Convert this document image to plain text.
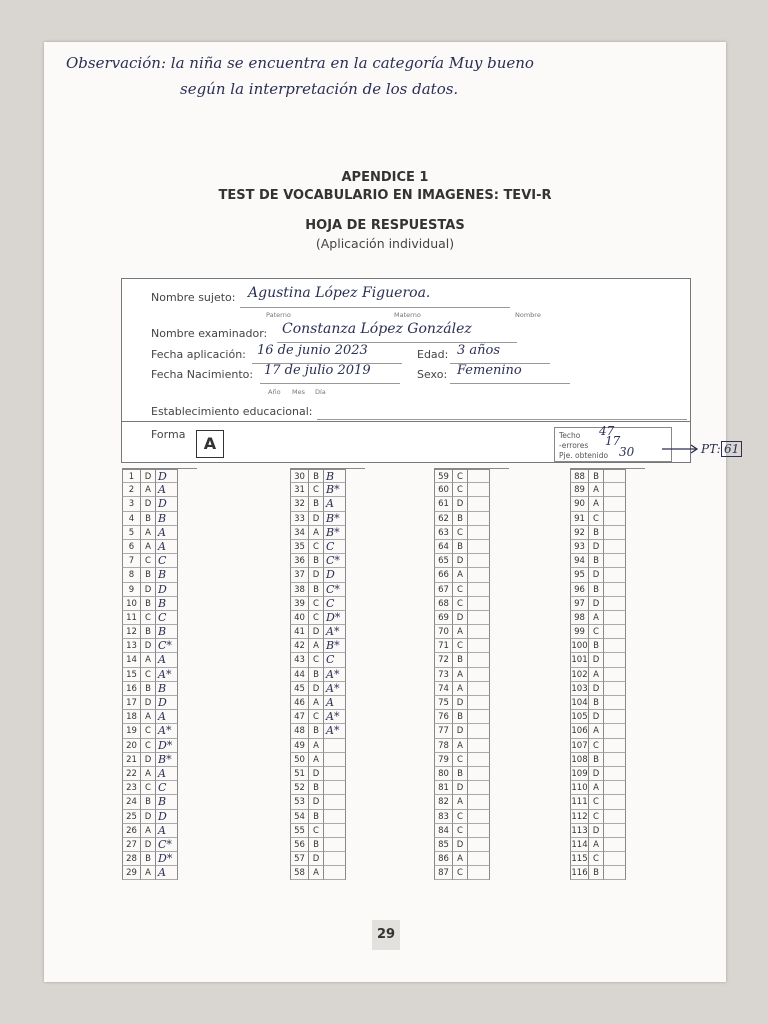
Observación: la niña se encuentra en la categoría Muy bueno
según la interpretación de los datos.
APENDICE 1
TEST DE VOCABULARIO EN IMAGENES: TEVI-R
HOJA DE RESPUESTAS
(Aplicación individual)
Nombre sujeto: Agustina López Figueroa.
Paterno	Materno	Nombre
Nombre examinador: Constanza López González
Fecha aplicación: 16 de junio 2023	Edad: 3 años
Fecha Nacimiento: 17 de julio 2019
Año Mes Día
Sexo: Femenino
Establecimiento educacional:
Forma	A	Techo 47
-errores 17
Pje. obtenido 30	PT: 61
1	D D
2	A A
3	D D
4	B B
5	A A
6	A A
7	C C
8	B B
9	D D
10 B B
11 C C
12 B B
13 D C*
14 A A
15 C A*
16 B B
17 D D
18 A A
19 C A*
20 C D*
21 D B*
22 A A
23 C C
24 B B
25 D D
26 A A
27 D C*
28 B D*
29 A A
30 B B
31 C B*
32 B A
33 D B*
34 A B*
35 C C
36 B C*
37 D D
38 B C*
39 C C
40 C D*
41 D A*
42 A B*
43 C C
44 B A*
45 D A*
46 A A
47 C A*
48 B A*
49 A
50 A
51 D
52 B
53 D
54 B
55 C
56 B
57 D
58 A
59 C
60 C
61 D
62 B
63 C
64 B
65 D
66 A
67 C
68 C
69 D
70 A
71 C
72 B
73 A
74 A
75 D
76 B
77 D
78 A
79 C
80 B
81 D
82 A
83 C
84 C
85 D
86 A
87 C
88 B
89 A
90 A
91 C
92 B
93 D
94 B
95 D
96 B
97 D
98 A
99 C
100 B
101 D
102 A
103 D
104 B
105 D
106 A
107 C
108 B
109 D
110 A
111 C
112 C
113 D
114 A
115 C
116 B
29
